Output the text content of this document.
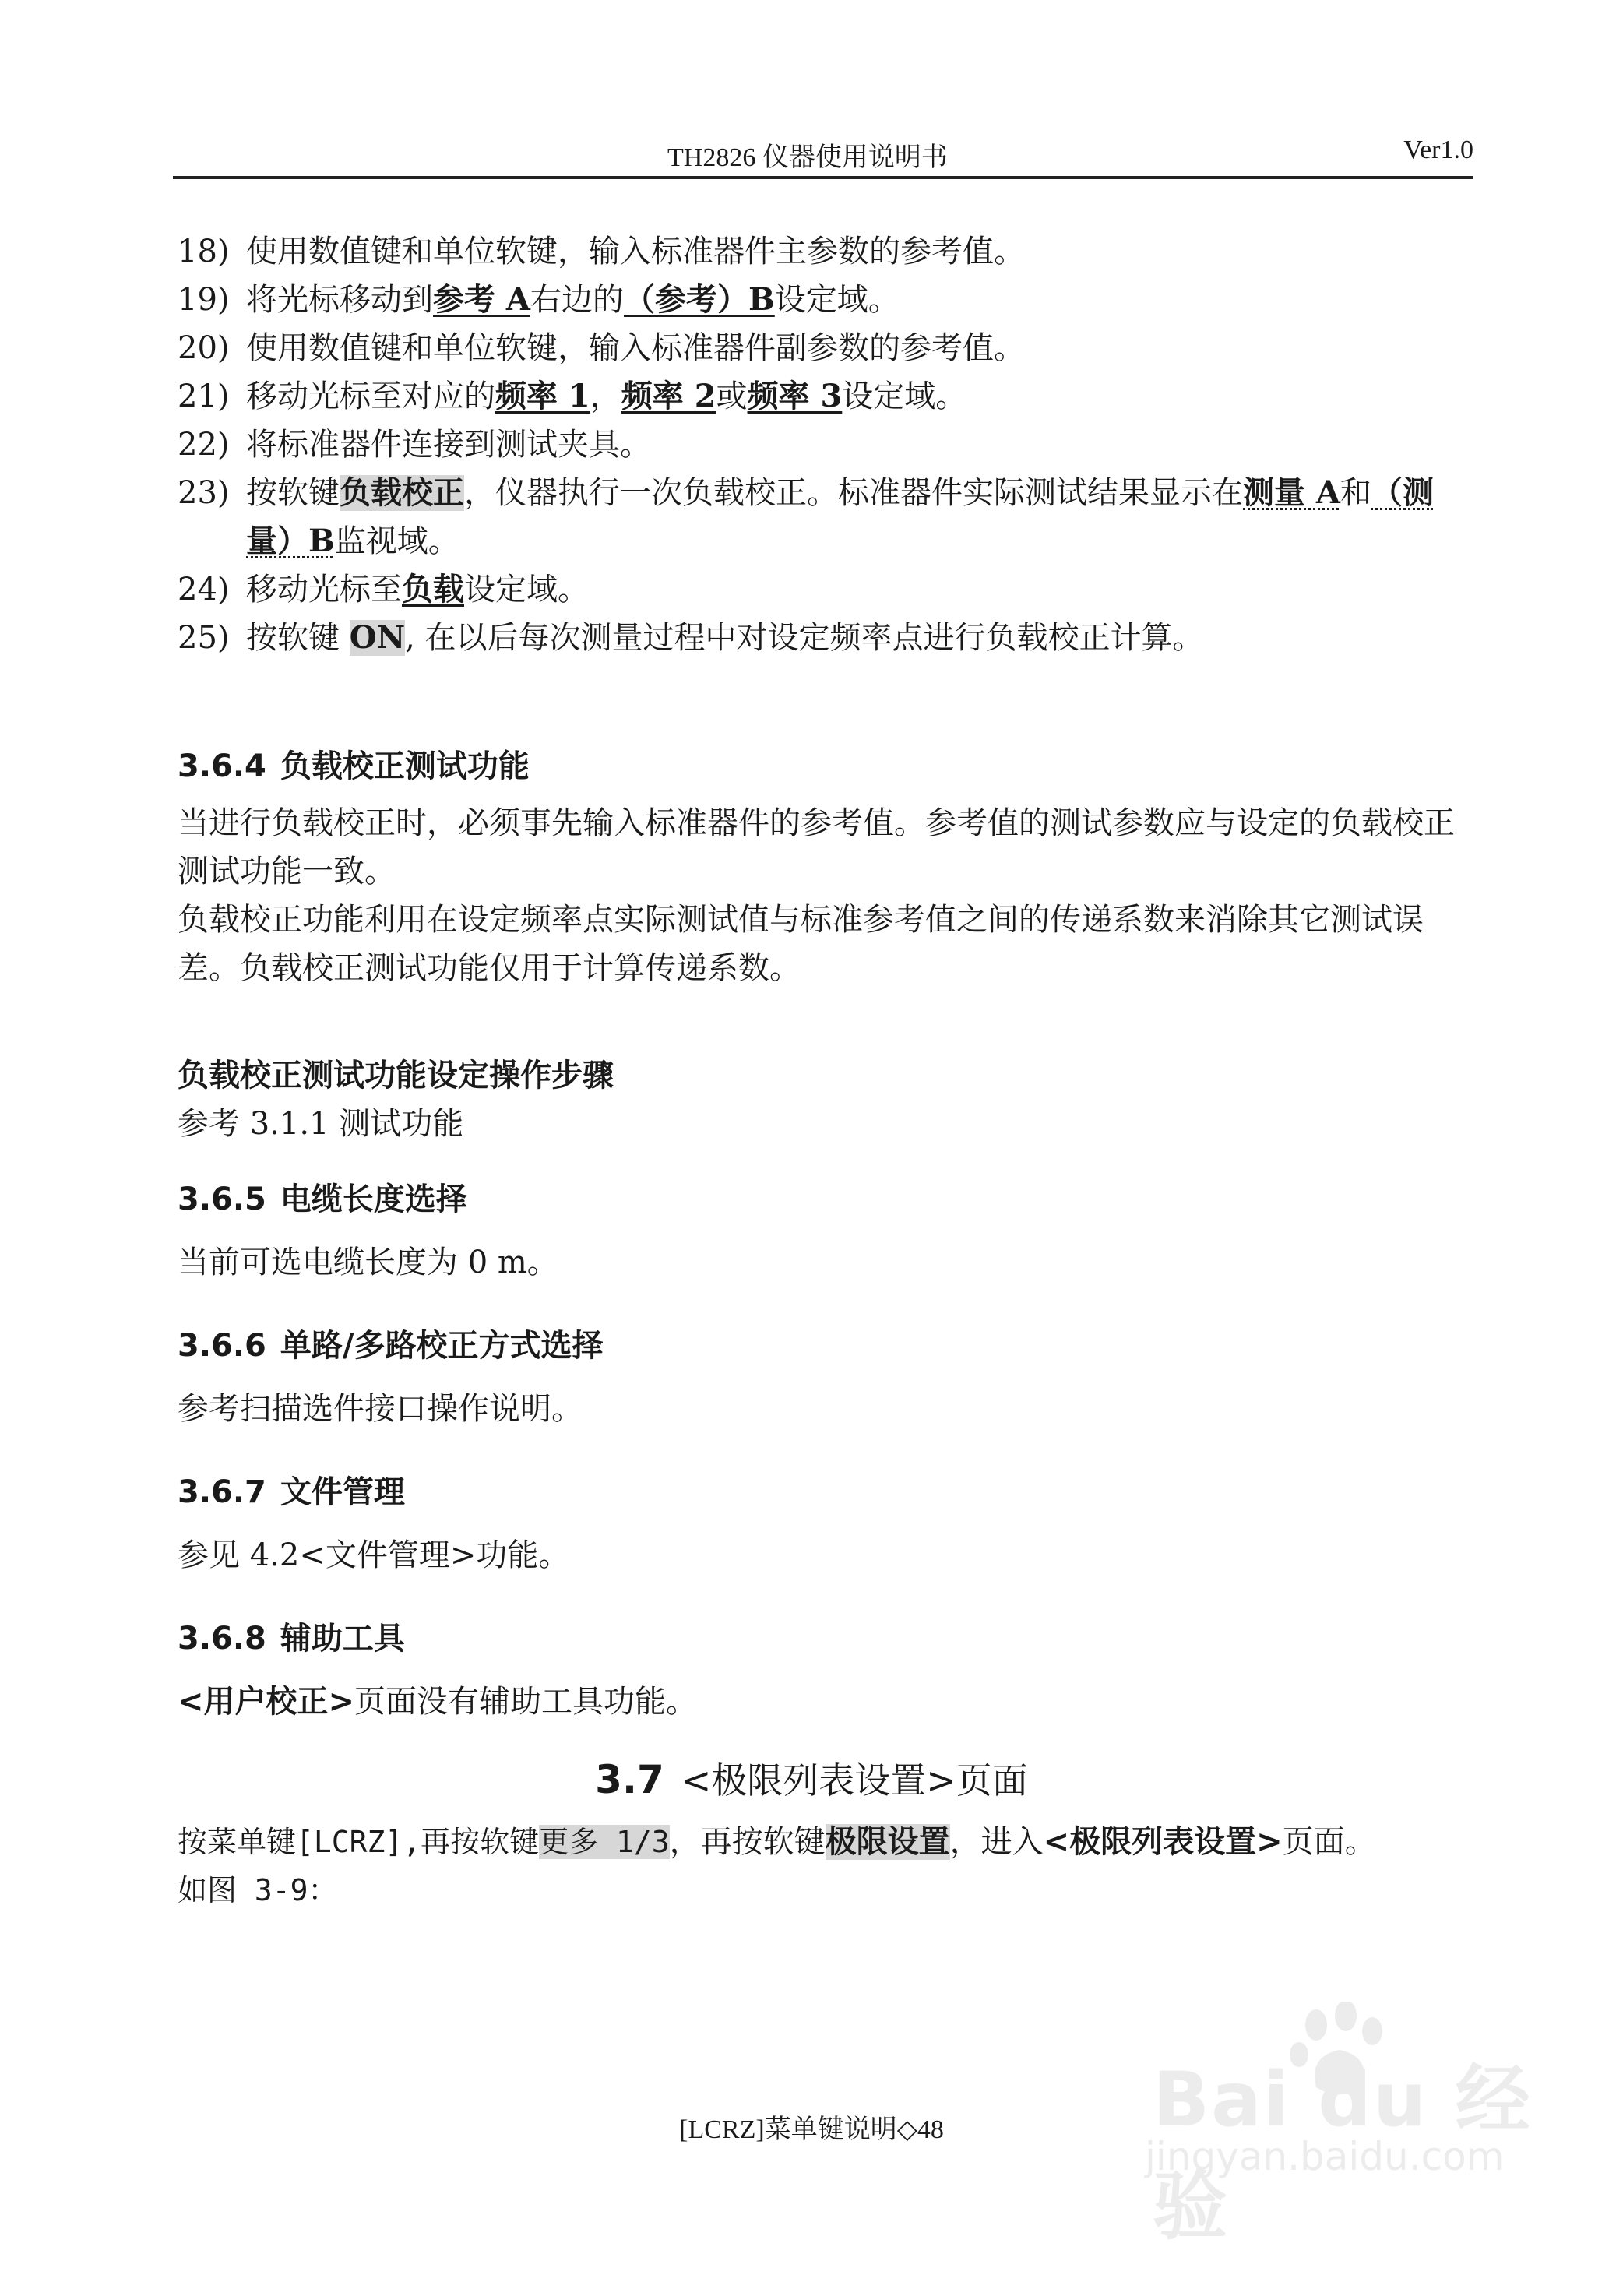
TH2826 仪器使用说明书	Ver1.0
18) 使用数值键和单位软键，输入标准器件主参数的参考值。
19) 将光标移动到参考 A右边的（参考）B设定域。
20) 使用数值键和单位软键，输入标准器件副参数的参考值。
21) 移动光标至对应的频率 1，频率 2或频率 3设定域。
22) 将标准器件连接到测试夹具。
23) 按软键负载校正，仪器执行一次负载校正。标准器件实际测试结果显示在测量 A和（测量）B监视域。
24) 移动光标至负载设定域。
25) 按软键 ON, 在以后每次测量过程中对设定频率点进行负载校正计算。
3.6.4 负载校正测试功能
当进行负载校正时，必须事先输入标准器件的参考值。参考值的测试参数应与设定的负载校正测试功能一致。
负载校正功能利用在设定频率点实际测试值与标准参考值之间的传递系数来消除其它测试误差。负载校正测试功能仅用于计算传递系数。
负载校正测试功能设定操作步骤
参考 3.1.1 测试功能
3.6.5 电缆长度选择
当前可选电缆长度为 0 m。
3.6.6 单路/多路校正方式选择
参考扫描选件接口操作说明。
3.6.7 文件管理
参见 4.2<文件管理>功能。
3.6.8 辅助工具
<用户校正>页面没有辅助工具功能。
3.7 <极限列表设置>页面
按菜单键[LCRZ],再按软键更多 1/3，再按软键极限设置，进入<极限列表设置>页面。
如图 3-9：
Bai du 经验
jingyan.baidu.com
[LCRZ]菜单键说明◇48
